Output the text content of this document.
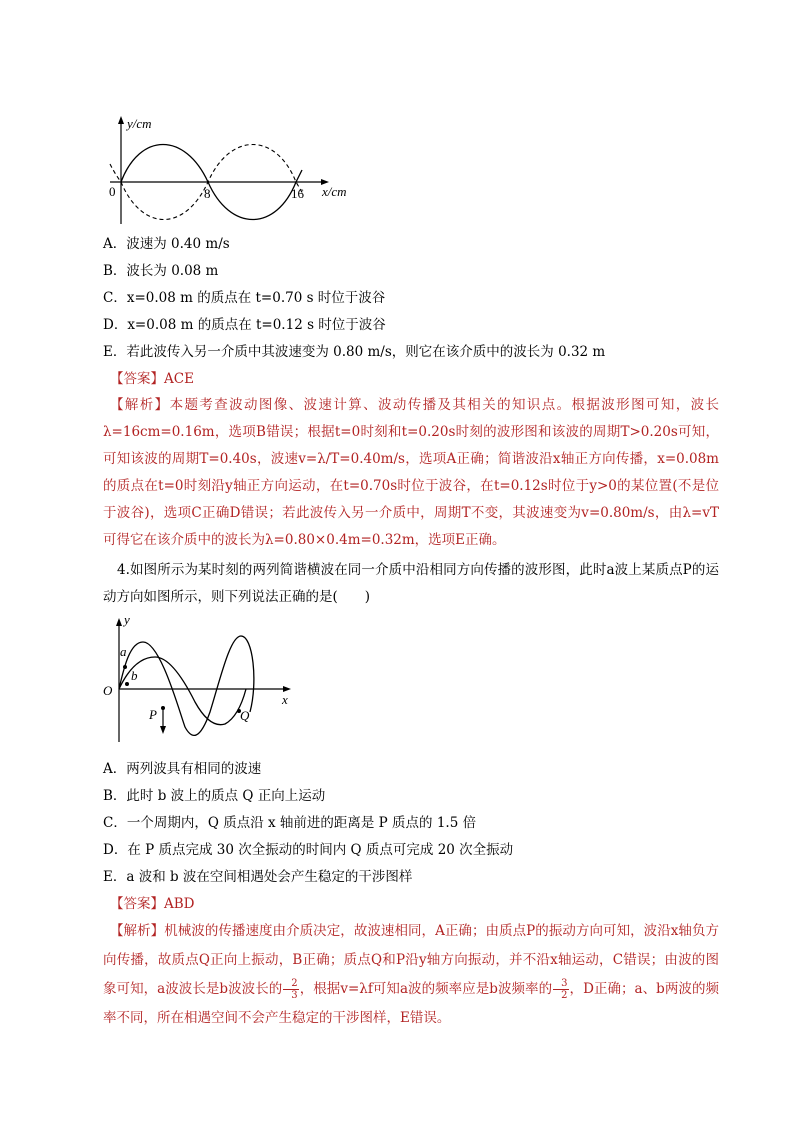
y/cm
x/cm
0	8	16
A．波速为 0.40 m/s
B．波长为 0.08 m
C．x=0.08 m 的质点在 t=0.70 s 时位于波谷
D．x=0.08 m 的质点在 t=0.12 s 时位于波谷
E．若此波传入另一介质中其波速变为 0.80 m/s，则它在该介质中的波长为 0.32 m
【答案】ACE
【解析】本题考查波动图像、波速计算、波动传播及其相关的知识点。根据波形图可知，波长λ=16cm=0.16m，选项B错误；根据t=0时刻和t=0.20s时刻的波形图和该波的周期T>0.20s可知，可知该波的周期T=0.40s，波速v=λ/T=0.40m/s，选项A正确；简谐波沿x轴正方向传播，x=0.08m的质点在t=0时刻沿y轴正方向运动，在t=0.70s时位于波谷，在t=0.12s时位于y>0的某位置(不是位于波谷)，选项C正确D错误；若此波传入另一介质中，周期T不变，其波速变为v=0.80m/s，由λ=vT可得它在该介质中的波长为λ=0.80×0.4m=0.32m，选项E正确。
4.如图所示为某时刻的两列简谐横波在同一介质中沿相同方向传播的波形图，此时a波上某质点P的运动方向如图所示，则下列说法正确的是(　　)
y
x
O
a
b
P	Q
A．两列波具有相同的波速
B．此时 b 波上的质点 Q 正向上运动
C．一个周期内，Q 质点沿 x 轴前进的距离是 P 质点的 1.5 倍
D．在 P 质点完成 30 次全振动的时间内 Q 质点可完成 20 次全振动
E．a 波和 b 波在空间相遇处会产生稳定的干涉图样
【答案】ABD
【解析】机械波的传播速度由介质决定，故波速相同，A正确；由质点P的振动方向可知，波沿x轴负方向传播，故质点Q正向上振动，B正确；质点Q和P沿y轴方向振动，并不沿x轴运动，C错误；由波的图象可知，a波波长是b波波长的 $\frac{2}{3}$ ，根据v=λf可知a波的频率应是b波频率的 $\frac{3}{2}$ ，D正确；a、b两波的频率不同，所在相遇空间不会产生稳定的干涉图样，E错误。
